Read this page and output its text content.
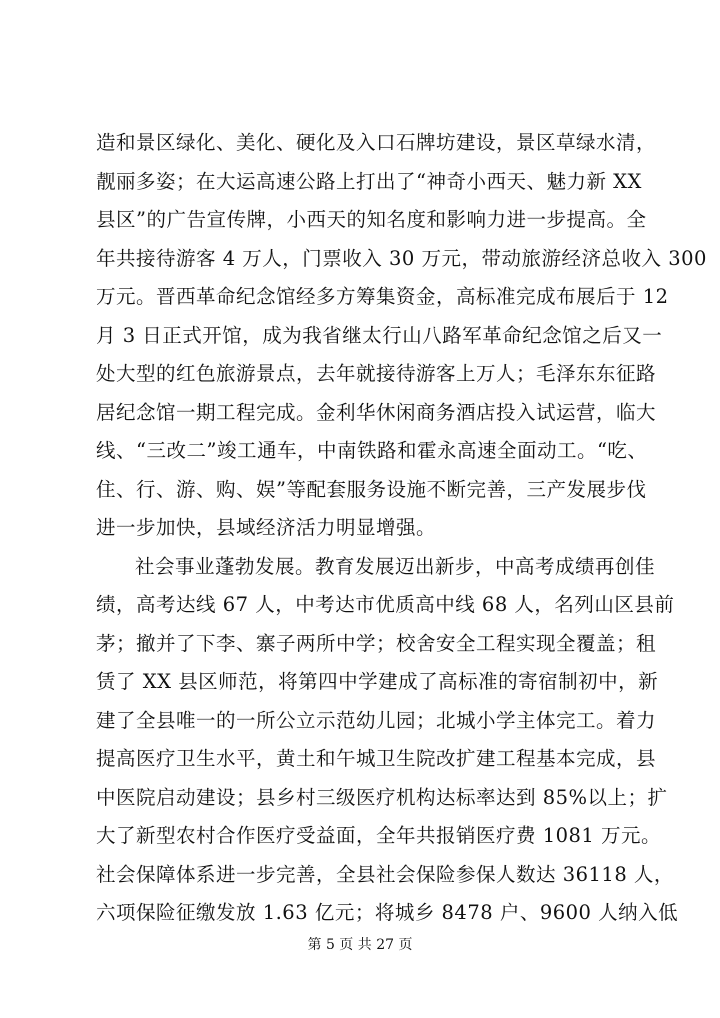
造和景区绿化、美化、硬化及入口石牌坊建设，景区草绿水清，
靓丽多姿；在大运高速公路上打出了“神奇小西天、魅力新 XX
县区”的广告宣传牌，小西天的知名度和影响力进一步提高。全
年共接待游客 4 万人，门票收入 30 万元，带动旅游经济总收入 300
万元。晋西革命纪念馆经多方筹集资金，高标准完成布展后于 12
月 3 日正式开馆，成为我省继太行山八路军革命纪念馆之后又一
处大型的红色旅游景点，去年就接待游客上万人；毛泽东东征路
居纪念馆一期工程完成。金利华休闲商务酒店投入试运营，临大
线、“三改二”竣工通车，中南铁路和霍永高速全面动工。“吃、
住、行、游、购、娱”等配套服务设施不断完善，三产发展步伐
进一步加快，县域经济活力明显增强。
社会事业蓬勃发展。教育发展迈出新步，中高考成绩再创佳
绩，高考达线 67 人，中考达市优质高中线 68 人，名列山区县前
茅；撤并了下李、寨子两所中学；校舍安全工程实现全覆盖；租
赁了 XX 县区师范，将第四中学建成了高标准的寄宿制初中，新
建了全县唯一的一所公立示范幼儿园；北城小学主体完工。着力
提高医疗卫生水平，黄土和午城卫生院改扩建工程基本完成，县
中医院启动建设；县乡村三级医疗机构达标率达到 85%以上；扩
大了新型农村合作医疗受益面，全年共报销医疗费 1081 万元。
社会保障体系进一步完善，全县社会保险参保人数达 36118 人，
六项保险征缴发放 1.63 亿元；将城乡 8478 户、9600 人纳入低
第 5 页 共 27 页
